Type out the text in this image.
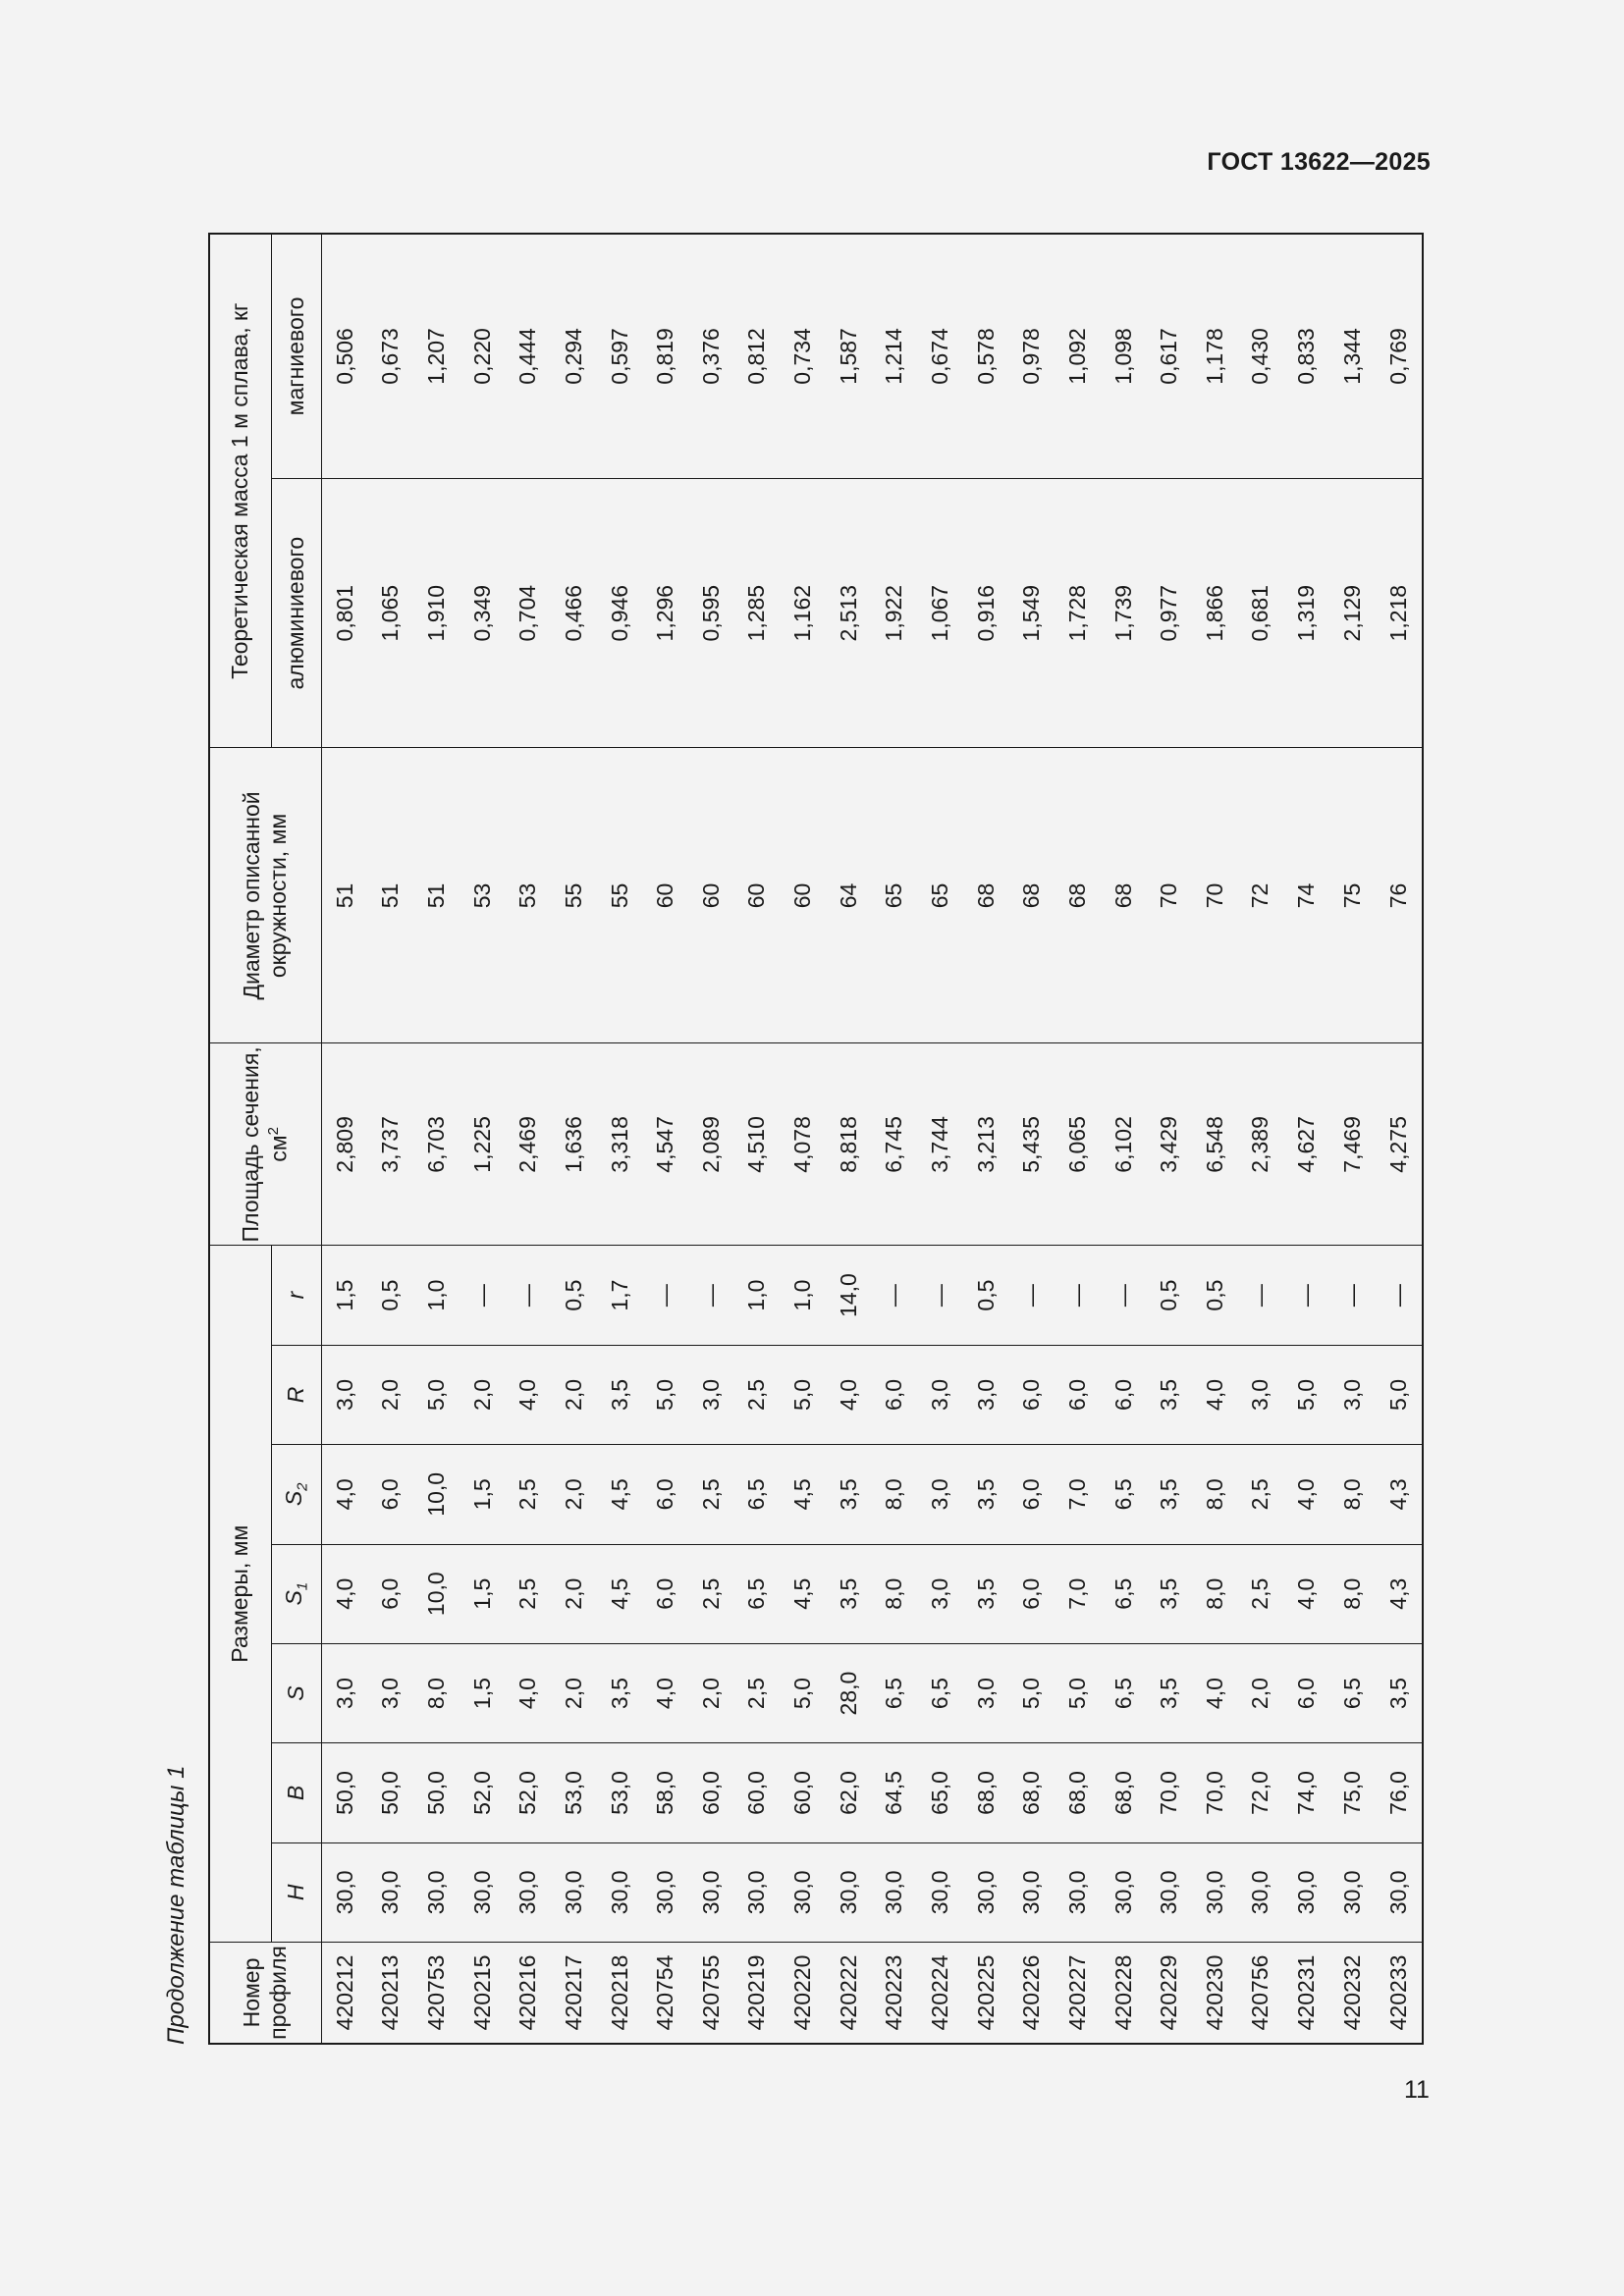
ГОСТ 13622—2025
Продолжение таблицы 1	Номер профиля	Размеры, мм							Площадь сечения, $см^2$	Диаметр описанной окружности, мм	Теоретическая масса 1 м сплава, кг	
	H	B	S	$S_1$	$S_2$	R	r			алюминиевого	магниевого
420212	30,0	50,0	3,0	4,0	4,0	3,0	1,5	2,809	51	0,801	0,506
420213	30,0	50,0	3,0	6,0	6,0	2,0	0,5	3,737	51	1,065	0,673
420753	30,0	50,0	8,0	10,0	10,0	5,0	1,0	6,703	51	1,910	1,207
420215	30,0	52,0	1,5	1,5	1,5	2,0	—	1,225	53	0,349	0,220
420216	30,0	52,0	4,0	2,5	2,5	4,0	—	2,469	53	0,704	0,444
420217	30,0	53,0	2,0	2,0	2,0	2,0	0,5	1,636	55	0,466	0,294
420218	30,0	53,0	3,5	4,5	4,5	3,5	1,7	3,318	55	0,946	0,597
420754	30,0	58,0	4,0	6,0	6,0	5,0	—	4,547	60	1,296	0,819
420755	30,0	60,0	2,0	2,5	2,5	3,0	—	2,089	60	0,595	0,376
420219	30,0	60,0	2,5	6,5	6,5	2,5	1,0	4,510	60	1,285	0,812
420220	30,0	60,0	5,0	4,5	4,5	5,0	1,0	4,078	60	1,162	0,734
420222	30,0	62,0	28,0	3,5	3,5	4,0	14,0	8,818	64	2,513	1,587
420223	30,0	64,5	6,5	8,0	8,0	6,0	—	6,745	65	1,922	1,214
420224	30,0	65,0	6,5	3,0	3,0	3,0	—	3,744	65	1,067	0,674
420225	30,0	68,0	3,0	3,5	3,5	3,0	0,5	3,213	68	0,916	0,578
420226	30,0	68,0	5,0	6,0	6,0	6,0	—	5,435	68	1,549	0,978
420227	30,0	68,0	5,0	7,0	7,0	6,0	—	6,065	68	1,728	1,092
420228	30,0	68,0	6,5	6,5	6,5	6,0	—	6,102	68	1,739	1,098
420229	30,0	70,0	3,5	3,5	3,5	3,5	0,5	3,429	70	0,977	0,617
420230	30,0	70,0	4,0	8,0	8,0	4,0	0,5	6,548	70	1,866	1,178
420756	30,0	72,0	2,0	2,5	2,5	3,0	—	2,389	72	0,681	0,430
420231	30,0	74,0	6,0	4,0	4,0	5,0	—	4,627	74	1,319	0,833
420232	30,0	75,0	6,5	8,0	8,0	3,0	—	7,469	75	2,129	1,344
420233	30,0	76,0	3,5	4,3	4,3	5,0	—	4,275	76	1,218	0,769
11
